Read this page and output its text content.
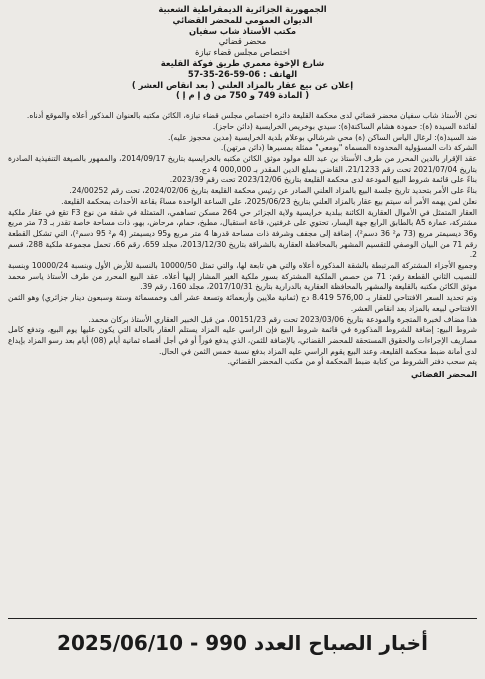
الجمهورية الجزائرية الديمقراطية الشعبية
الديوان العمومي للمحضر القضائي
مكتب الأستاذ شاب سفيان
محضر قضائي
اختصاص مجلس قضاء تبازة
شارع الإخوة معمري طريق فوكة القليعة
الهاتف : 06-59-26-35-57
إعلان عن بيع عقار بالمزاد العلني ( بعد انقاص العشر )
( المادة 749 و 750 من ق إ م إ )

نحن الأستاذ شاب سفيان محضر قضائي لدى محكمة القليعة دائرة اختصاص مجلس قضاء تبازة، الكائن مكتبه بالعنوان المذكور أعلاه والموقع أدناه.

لفائدة السيدة (ة): حمودة هشام الساكنة(ة): سيدي بوخريص الخرايسية (دائن حاجز).

ضد السيد(ة): لرغال الياس الساكن (ة) محي شرشالي بوعلام بلدية الخرايسية (مدين محجوز عليه).

الشركة ذات المسؤولية المحدودة المسماة "بومعي" ممثلة بمسيرها (دائن مرتهن).

عقد الإقرار بالدين المحرر من طرف الأستاذ بن عبد الله مولود موثق الكائن مكتبه بالخرايسية بتاريخ 2014/09/17، والممهور بالصيغة التنفيذية الصادرة بتاريخ 2021/07/04 تحت رقم 21/1233، القاضي بمبلغ الدين المقدر بـ 000,000 4 دج.

بناءً على قائمة شروط البيع المودعة لدى محكمة القليعة بتاريخ 2023/12/06 تحت رقم 2023/39.

بناءً على الأمر بتحديد تاريخ جلسة البيع بالمزاد العلني الصادر عن رئيس محكمة القليعة بتاريخ 2024/02/06، تحت رقم 24/00252.

نعلن لمن يهمه الأمر أنه سيتم بيع عقار بالمزاد العلني بتاريخ 2025/06/23، على الساعة الواحدة مساءً بقاعة الأحداث بمحكمة القليعة.

العقار المتمثل في الأموال العقارية الكائنة ببلدية خرايسية ولاية الجزائر حي 264 مسكن تساهمي، المتمثلة في شقة من نوع F3 تقع في عقار ملكية مشتركة، عمارة A5 بالطابق الرابع جهة اليسار، تحتوي على غرفتين، قاعة استقبال، مطبخ، حمام، مرحاض، بهو، ذات مساحة خاصة تقدر بـ 73 متر مربع و36 ديسيمتر مربع (73 م² 36 دسم²)، إضافة إلى مجفف وشرفة ذات مساحة قدرها 4 متر مربع و95 ديسيمتر (4 م² 95 دسم²)، التي تشكل القطعة رقم 71 من البيان الوصفي للتقسيم المشهر بالمحافظة العقارية بالشراقة بتاريخ 2013/12/30، مجلد 659، رقم 66، تحمل مجموعة ملكية 288، قسم 2.

وجميع الأجزاء المشتركة المرتبطة بالشقة المذكورة أعلاه والتي هي تابعة لها، والتي تمثل 10000/50 بالنسبة للأرض الأول وبنسبة 10000/24 وبنسبة للنصيب الثاني القطعة رقم: 71 من حصص الملكية المشتركة بسور ملكية الغير المشار إليها أعلاه. عقد البيع المحرر من طرف الأستاذ ياسر محمد موثق الكائن مكتبه بالقليعة والمشهر بالمحافظة العقارية بالدرارية بتاريخ 2017/10/31، مجلد 160، رقم 39.

وتم تحديد السعر الافتتاحي للعقار بـ 576,00 8.419 دج (ثمانية ملايين وأربعمائة وتسعة عشر ألف وخمسمائة وستة وسبعون دينار جزائري) وهو الثمن الافتتاحي لبيعه بالمزاد بعد انقاص العشر.

هذا مضاف لخبرة المتجرة والمودعة بتاريخ 2023/03/06 تحت رقم 00151/23، من قبل الخبير العقاري الأستاذ بركان محمد.

شروط البيع: إضافة للشروط المذكورة في قائمة شروط البيع فإن الراسي عليه المزاد يستلم العقار بالحالة التي يكون عليها يوم البيع، وتدفع كامل مصاريف الإجراءات والحقوق المستحقة للمحضر القضائي، بالإضافة للثمن، الذي يدفع فوراً أو في أجل أقصاه ثمانية أيام (08) أيام بعد رسو المزاد بإيداع لدى أمانة ضبط محكمة القليعة، وعند البيع يقوم الراسي عليه المزاد بدفع نسبة خمس الثمن في الحال.

يتم سحب دفتر الشروط من كتابة ضبط المحكمة أو من مكتب المحضر القضائي.

المحضر القضائي
أخبار الصباح العدد 990 - 2025/06/10
